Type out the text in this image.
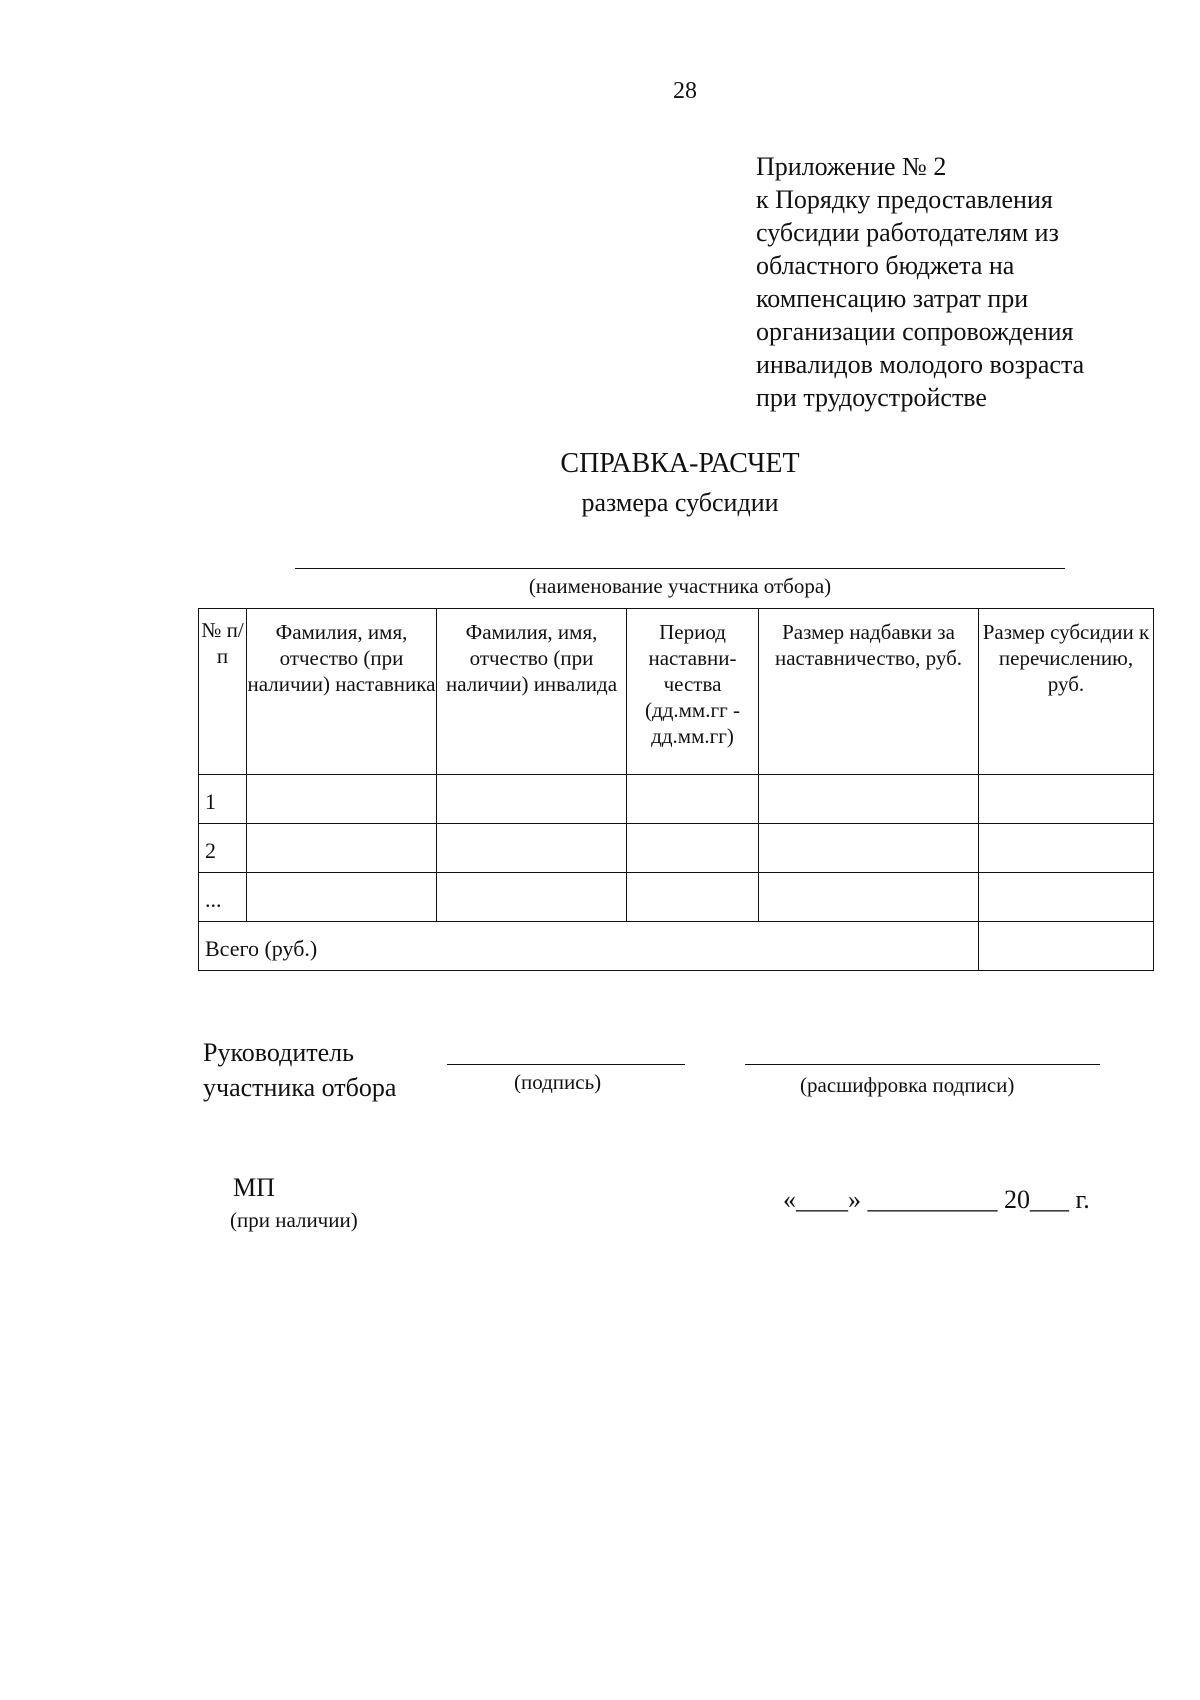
28
Приложение № 2
к Порядку предоставления
субсидии работодателям из
областного бюджета на
компенсацию затрат при
организации сопровождения
инвалидов молодого возраста
при трудоустройстве
СПРАВКА-РАСЧЕТ
размера субсидии
(наименование участника отбора)
№ п/п	Фамилия, имя, отчество (при наличии) наставника	Фамилия, имя, отчество (при наличии) инвалида	Период наставни-чества (дд.мм.гг - дд.мм.гг)	Размер надбавки за наставничество, руб.	Размер субсидии к перечислению, руб.
1					
2					
...					
Всего (руб.)					
Руководитель
участника отбора	(подпись)	(расшифровка подписи)
МП
(при наличии)
«____» __________ 20___ г.
